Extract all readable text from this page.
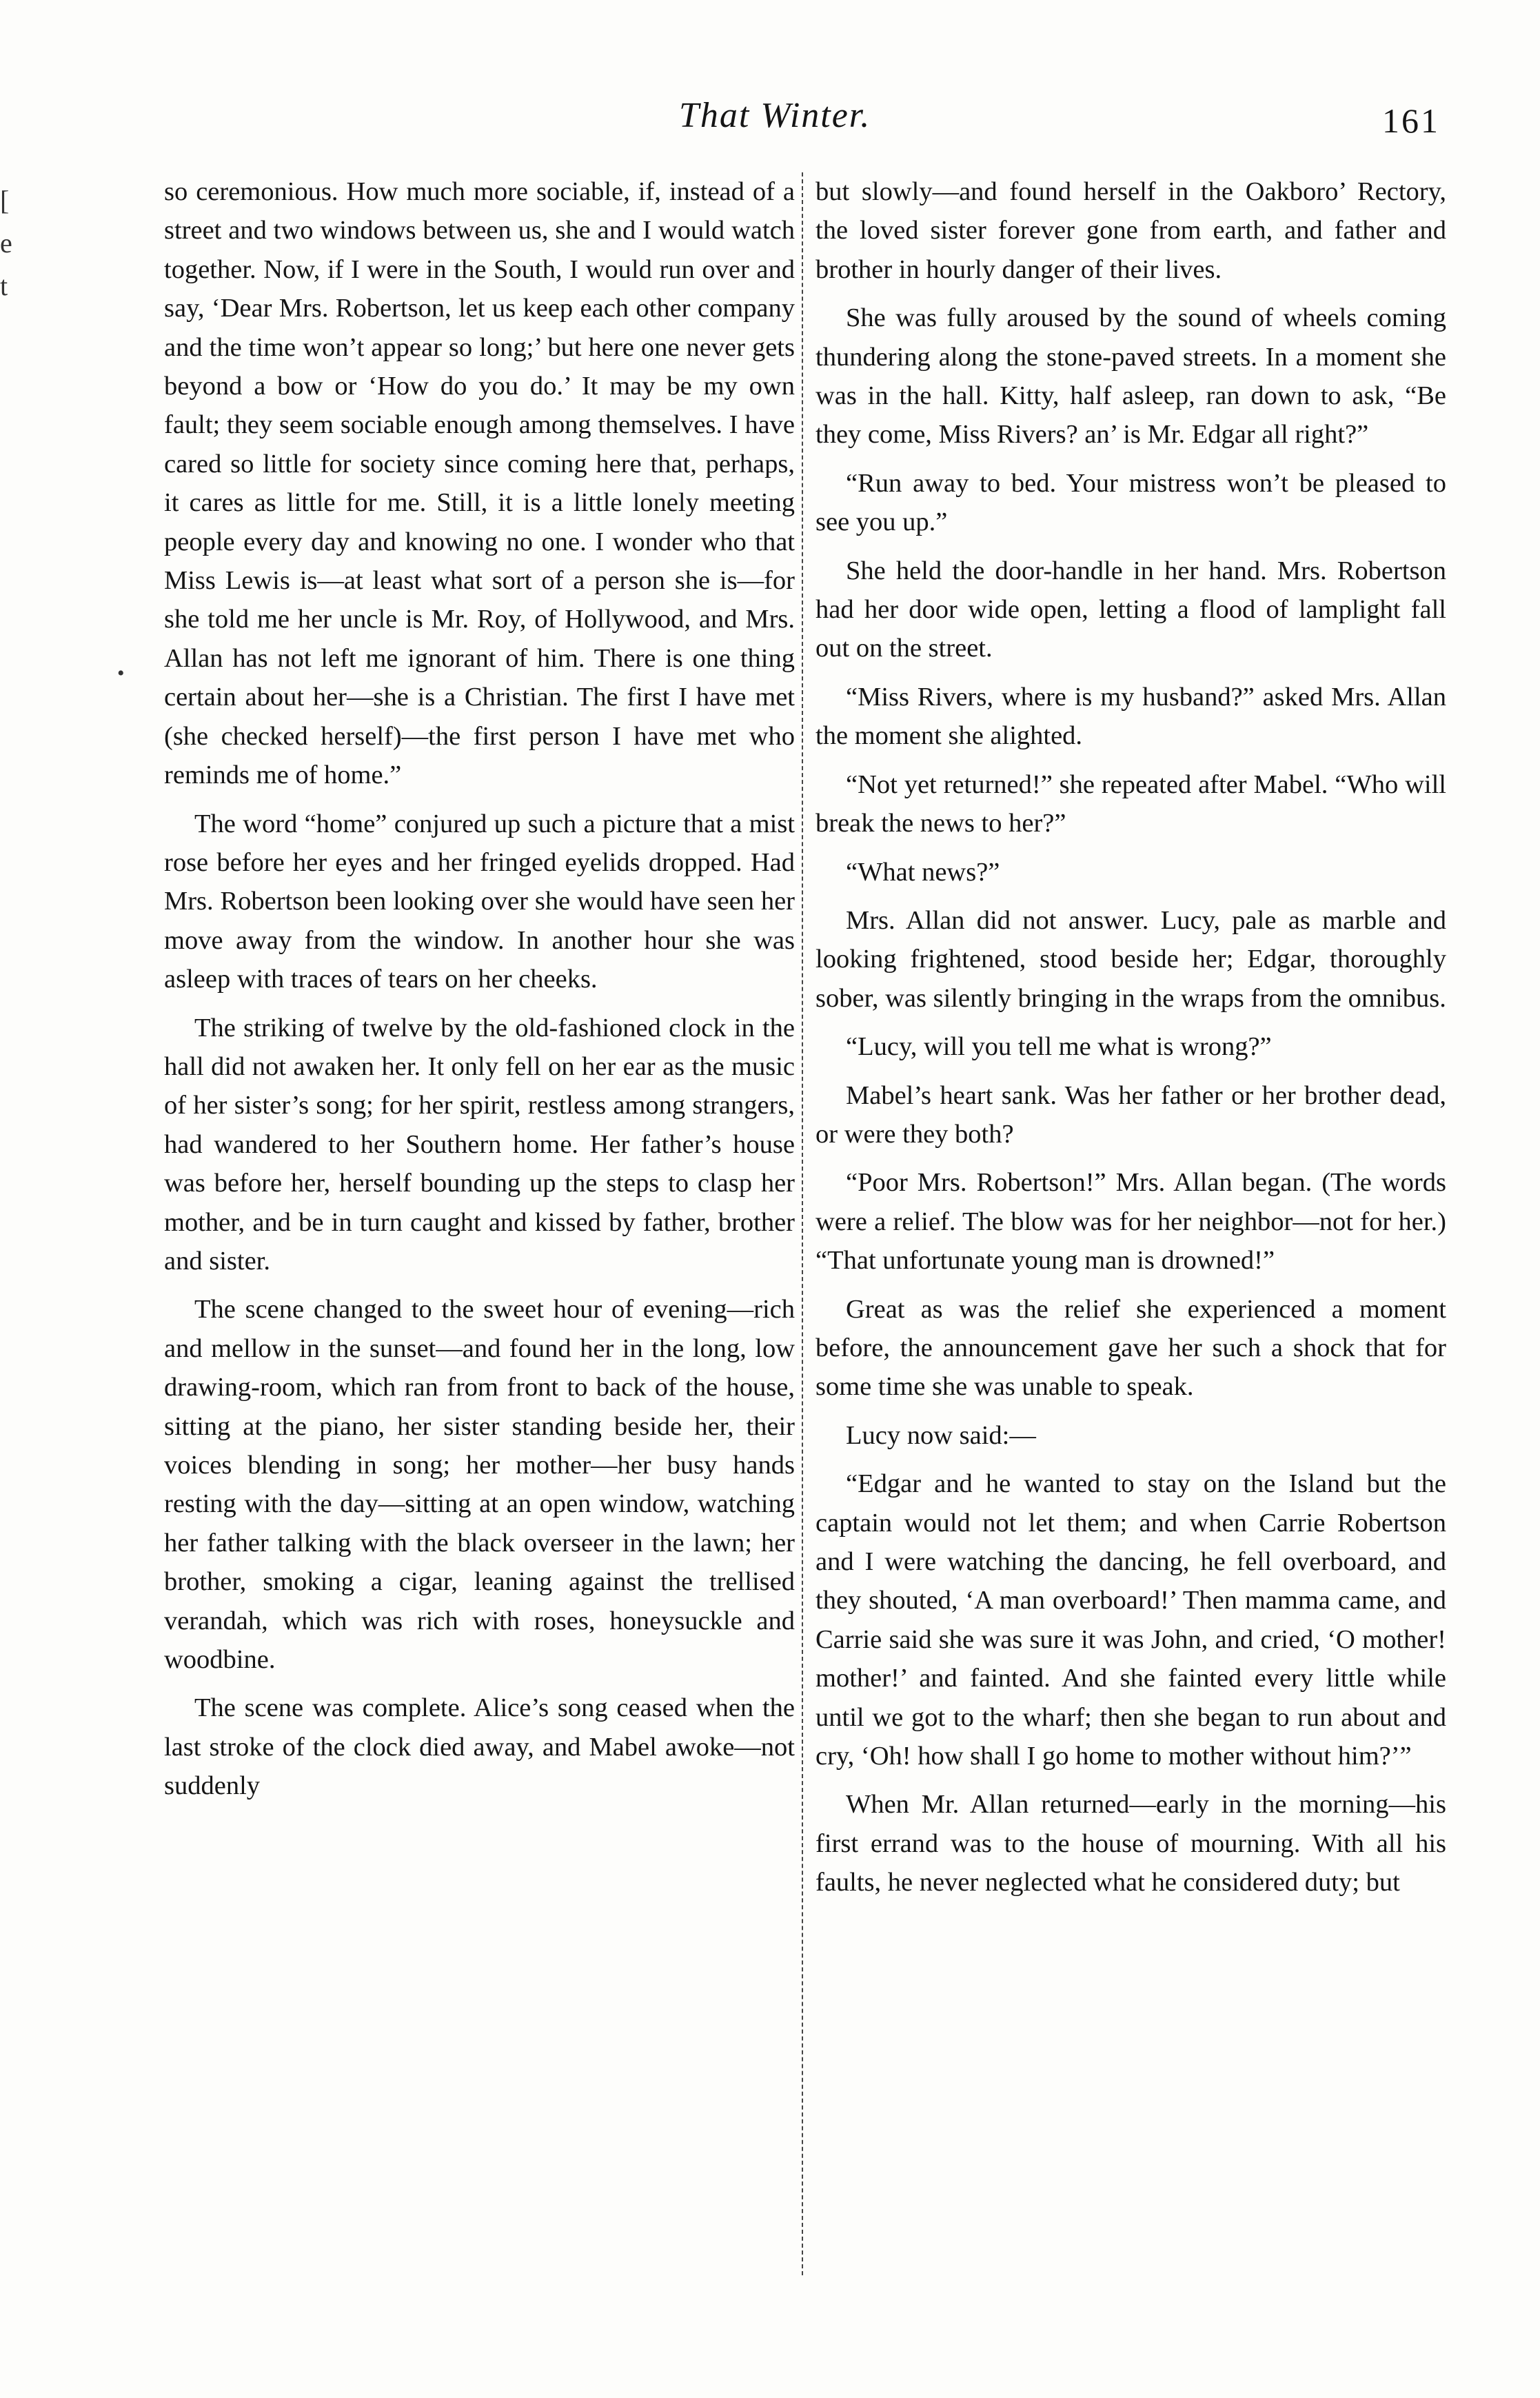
That Winter.	161
[
e
t
•

so ceremonious. How much more sociable, if, instead of a street and two windows between us, she and I would watch together. Now, if I were in the South, I would run over and say, ‘Dear Mrs. Robertson, let us keep each other company and the time won’t appear so long;’ but here one never gets beyond a bow or ‘How do you do.’ It may be my own fault; they seem sociable enough among themselves. I have cared so little for society since coming here that, perhaps, it cares as little for me. Still, it is a little lonely meeting people every day and knowing no one. I wonder who that Miss Lewis is—at least what sort of a person she is—for she told me her uncle is Mr. Roy, of Hollywood, and Mrs. Allan has not left me ignorant of him. There is one thing certain about her—she is a Christian. The first I have met (she checked herself)—the first person I have met who reminds me of home.”

The word “home” conjured up such a picture that a mist rose before her eyes and her fringed eyelids dropped. Had Mrs. Robertson been looking over she would have seen her move away from the window. In another hour she was asleep with traces of tears on her cheeks.

The striking of twelve by the old-fashioned clock in the hall did not awaken her. It only fell on her ear as the music of her sister’s song; for her spirit, restless among strangers, had wandered to her Southern home. Her father’s house was before her, herself bounding up the steps to clasp her mother, and be in turn caught and kissed by father, brother and sister.

The scene changed to the sweet hour of evening—rich and mellow in the sunset—and found her in the long, low drawing-room, which ran from front to back of the house, sitting at the piano, her sister standing beside her, their voices blending in song; her mother—her busy hands resting with the day—sitting at an open window, watching her father talking with the black overseer in the lawn; her brother, smoking a cigar, leaning against the trellised verandah, which was rich with roses, honeysuckle and woodbine.

The scene was complete. Alice’s song ceased when the last stroke of the clock died away, and Mabel awoke—not suddenly

but slowly—and found herself in the Oakboro’ Rectory, the loved sister forever gone from earth, and father and brother in hourly danger of their lives.

She was fully aroused by the sound of wheels coming thundering along the stone-paved streets. In a moment she was in the hall. Kitty, half asleep, ran down to ask, “Be they come, Miss Rivers? an’ is Mr. Edgar all right?”

“Run away to bed. Your mistress won’t be pleased to see you up.”

She held the door-handle in her hand. Mrs. Robertson had her door wide open, letting a flood of lamplight fall out on the street.

“Miss Rivers, where is my husband?” asked Mrs. Allan the moment she alighted.

“Not yet returned!” she repeated after Mabel. “Who will break the news to her?”

“What news?”

Mrs. Allan did not answer. Lucy, pale as marble and looking frightened, stood beside her; Edgar, thoroughly sober, was silently bringing in the wraps from the omnibus.

“Lucy, will you tell me what is wrong?”

Mabel’s heart sank. Was her father or her brother dead, or were they both?

“Poor Mrs. Robertson!” Mrs. Allan began. (The words were a relief. The blow was for her neighbor—not for her.) “That unfortunate young man is drowned!”

Great as was the relief she experienced a moment before, the announcement gave her such a shock that for some time she was unable to speak.

Lucy now said:—

“Edgar and he wanted to stay on the Island but the captain would not let them; and when Carrie Robertson and I were watching the dancing, he fell overboard, and they shouted, ‘A man overboard!’ Then mamma came, and Carrie said she was sure it was John, and cried, ‘O mother! mother!’ and fainted. And she fainted every little while until we got to the wharf; then she began to run about and cry, ‘Oh! how shall I go home to mother without him?’”

When Mr. Allan returned—early in the morning—his first errand was to the house of mourning. With all his faults, he never neglected what he considered duty; but
